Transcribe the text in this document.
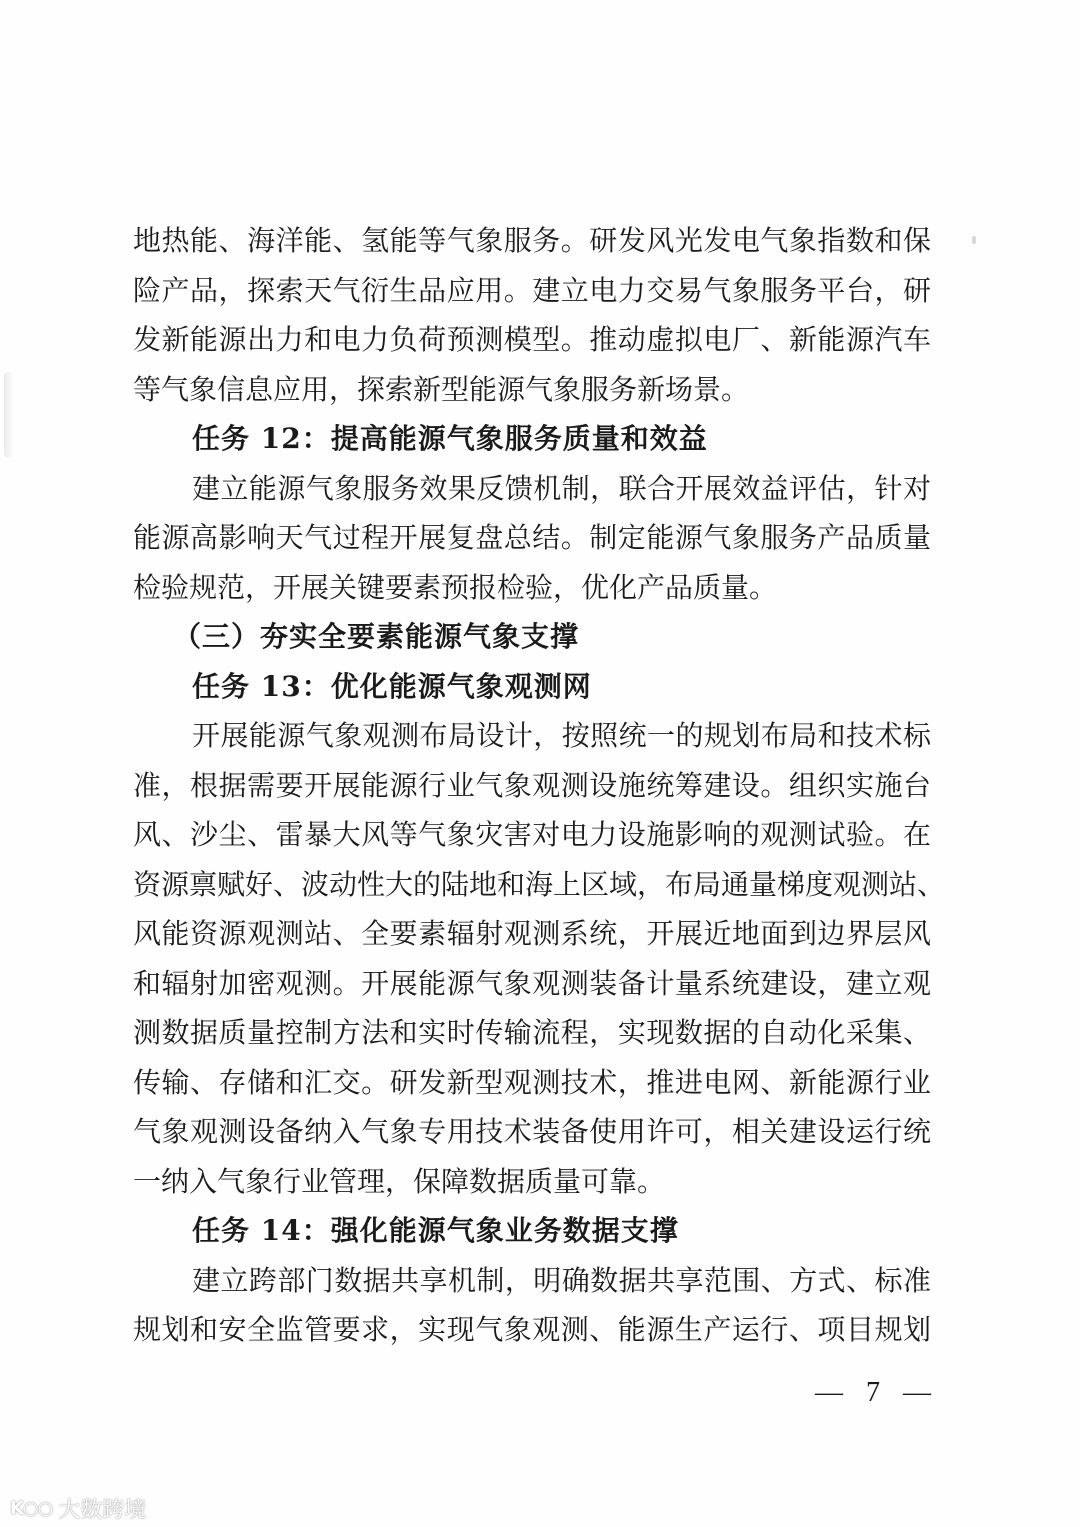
地热能、海洋能、氢能等气象服务。研发风光发电气象指数和保
险产品，探索天气衍生品应用。建立电力交易气象服务平台，研
发新能源出力和电力负荷预测模型。推动虚拟电厂、新能源汽车
等气象信息应用，探索新型能源气象服务新场景。
任务 12：提高能源气象服务质量和效益
建立能源气象服务效果反馈机制，联合开展效益评估，针对
能源高影响天气过程开展复盘总结。制定能源气象服务产品质量
检验规范，开展关键要素预报检验，优化产品质量。
（三）夯实全要素能源气象支撑
任务 13：优化能源气象观测网
开展能源气象观测布局设计，按照统一的规划布局和技术标
准，根据需要开展能源行业气象观测设施统筹建设。组织实施台
风、沙尘、雷暴大风等气象灾害对电力设施影响的观测试验。在
资源禀赋好、波动性大的陆地和海上区域，布局通量梯度观测站、
风能资源观测站、全要素辐射观测系统，开展近地面到边界层风
和辐射加密观测。开展能源气象观测装备计量系统建设，建立观
测数据质量控制方法和实时传输流程，实现数据的自动化采集、
传输、存储和汇交。研发新型观测技术，推进电网、新能源行业
气象观测设备纳入气象专用技术装备使用许可，相关建设运行统
一纳入气象行业管理，保障数据质量可靠。
任务 14：强化能源气象业务数据支撑
建立跨部门数据共享机制，明确数据共享范围、方式、标准
规划和安全监管要求，实现气象观测、能源生产运行、项目规划
— 7 —
K○○ 大数跨境
